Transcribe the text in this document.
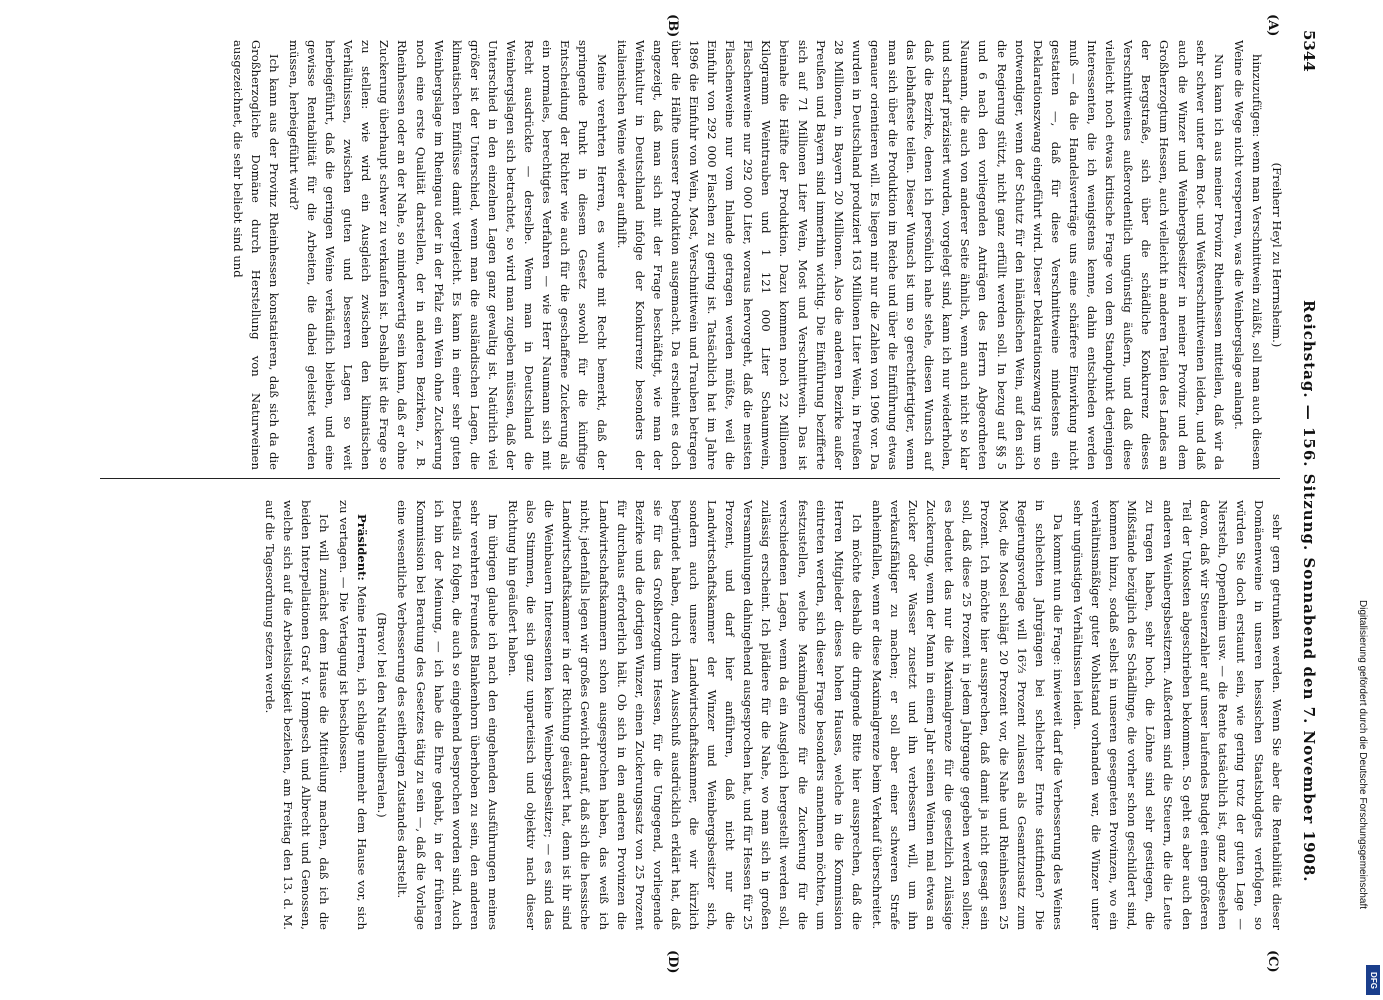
5344
Reichstag. — 156. Sitzung. Sonnabend den 7. November 1908.
(A)
(B)
(C)
(D)

(Freiherr Heyl zu Herrnsheim.)

hinzuzufügen: wenn man Verschnittwein zuläßt, soll man auch diesem Weine die Wege nicht versperren, was die Weinbergslage anlangt.

Nun kann ich aus meiner Provinz Rheinhessen mitteilen, daß wir da sehr schwer unter dem Rot- und Weißverschnittweinen leiden, und daß auch die Winzer und Weinbergsbesitzer in meiner Provinz und dem Großherzogtum Hessen, auch vielleicht in anderen Teilen des Landes an der Bergstraße, sich über die schädliche Konkurrenz dieses Verschnittweines außerordentlich ungünstig äußern, und daß diese vielleicht noch etwas kritische Frage von dem Standpunkt derjenigen Interessenten, die ich wenigstens kenne, dahin entschieden werden muß — da die Handelsverträge uns eine schärfere Einwirkung nicht gestatten —, daß für diese Verschnittweine mindestens ein Deklarationszwang eingeführt wird. Dieser Deklarationszwang ist um so notwendiger, wenn der Schutz für den inländischen Wein, auf den sich die Regierung stützt, nicht ganz erfüllt werden soll. In bezug auf §§ 5 und 6 nach den vorliegenden Anträgen des Herrn Abgeordneten Naumann, die auch von anderer Seite ähnlich, wenn auch nicht so klar und scharf präzisiert wurden, vorgelegt sind, kann ich nur wiederholen, daß die Bezirke, denen ich persönlich nahe stehe, diesen Wunsch auf das lebhafteste teilen. Dieser Wunsch ist um so gerechtfertigter, wenn man sich über die Produktion im Reiche und über die Einführung etwas genauer orientieren will. Es liegen mir nur die Zahlen von 1906 vor. Da wurden in Deutschland produziert 163 Millionen Liter Wein, in Preußen 28 Millionen, in Bayern 20 Millionen. Also die anderen Bezirke außer Preußen und Bayern sind immerhin wichtig. Die Einführung bezifferte sich auf 71 Millionen Liter Wein, Most und Verschnittwein. Das ist beinahe die Hälfte der Produktion. Dazu kommen noch 22 Millionen Kilogramm Weintrauben und 1 121 000 Liter Schaumwein, Flaschenweine nur 292 000 Liter, woraus hervorgeht, daß die meisten Flaschenweine nur vom Inlande getragen werden müßte, weil die Einfuhr von 292 000 Flaschen zu gering ist. Tatsächlich hat im Jahre 1896 die Einfuhr von Wein, Most, Verschnittwein und Trauben betragen über die Hälfte unserer Produktion ausgemacht. Da erscheint es doch angezeigt, daß man sich mit der Frage beschäftigt, wie man der Weinkultur in Deutschland infolge der Konkurrenz besonders der italienischen Weine wieder aufhilft.

Meine verehrten Herren, es wurde mit Recht bemerkt, daß der springende Punkt in diesem Gesetz sowohl für die künftige Entscheidung der Richter wie auch für die geschaffene Zuckerung als ein normales, berechtigtes Verfahren — wie Herr Naumann sich mit Recht ausdrückte — derselbe. Wenn man in Deutschland die Weinbergslagen sich betrachtet, so wird man zugeben müssen, daß der Unterschied in den einzelnen Lagen ganz gewaltig ist. Natürlich viel größer ist der Unterschied, wenn man die ausländischen Lagen, die klimatischen Einflüsse damit vergleicht. Es kann in einer sehr guten Weinbergslage im Rheingau oder in der Pfalz ein Wein ohne Zuckerung noch eine erste Qualität darstellen, der in anderen Bezirken, z. B. Rheinhessen oder an der Nahe, so minderwertig sein kann, daß er ohne Zuckerung überhaupt schwer zu verkaufen ist. Deshalb ist die Frage so zu stellen: wie wird ein Ausgleich zwischen den klimatischen Verhältnissen, zwischen guten und besseren Lagen so weit herbeigeführt, daß die geringen Weine verkäuflich bleiben, und eine gewisse Rentabilität für die Arbeiten, die dabei geleistet werden müssen, herbeigeführt wird?

Ich kann aus der Provinz Rheinhessen konstatieren, daß sich da die Großherzogliche Domäne durch Herstellung von Naturweinen ausgezeichnet, die sehr beliebt sind und

sehr gern getrunken werden. Wenn Sie aber die Rentabilität dieser Domänenweine in unseren hessischen Staatsbudgets verfolgen, so würden Sie doch erstaunt sein, wie gering trotz der guten Lage — Niersteln, Oppenheim usw. — die Rente tatsächlich ist, ganz abgesehen davon, daß wir Steuerzahler auf unser laufendes Budget einen größeren Teil der Unkosten abgeschrieben bekommen. So geht es aber auch den anderen Weinbergsbesitzern. Außerdem sind die Steuern, die die Leute zu tragen haben, sehr hoch, die Löhne sind sehr gestiegen, die Mißstände bezüglich des Schädlinge, die vorher schon geschildert sind, kommen hinzu, sodaß selbst in unseren gesegneten Provinzen, wo ein verhältnismäßiger guter Wohlstand vorhanden war, die Winzer unter sehr ungünstigen Verhältnissen leiden.

Da kommt nun die Frage: inwieweit darf die Verbesserung des Weines in schlechten Jahrgängen bei schlechter Ernte stattfinden? Die Regierungsvorlage will 16⅔ Prozent zulassen als Gesamtzusatz zum Most, die Mosel schlägt 20 Prozent vor, die Nahe und Rheinhessen 25 Prozent. Ich möchte hier aussprechen, daß damit ja nicht gesagt sein soll, daß diese 25 Prozent in jedem Jahrgange gegeben werden sollen; es bedeutet das nur die Maximalgrenze für die gesetzlich zulässige Zuckerung, wenn der Mann in einem Jahr seinen Weinen mal etwas an Zucker oder Wasser zusetzt und ihn verbessern will, um ihn verkaufsfähiger zu machen; er soll aber einer schweren Strafe anheimfallen, wenn er diese Maximalgrenze beim Verkauf überschreitet.

Ich möchte deshalb die dringende Bitte hier aussprechen, daß die Herren Mitglieder dieses hohen Hauses, welche in die Kommission eintreten werden, sich dieser Frage besonders annehmen möchten, um festzustellen, welche Maximalgrenze für die Zuckerung für die verschiedenen Lagen, wenn da ein Ausgleich hergestellt werden soll, zulässig erscheint. Ich plädiere für die Nahe, wo man sich in großen Versammlungen dahingehend ausgesprochen hat, und für Hessen für 25 Prozent, und darf hier anführen, daß nicht nur die Landwirtschaftskammer der Winzer und Weinbergsbesitzer sich, sondern auch unsere Landwirtschaftskammer, die wir kürzlich begründet haben, durch ihren Ausschuß ausdrücklich erklärt hat, daß sie für das Großherzogtum Hessen, für die Umgegend, vorliegende Bezirke und die dortigen Winzer, einen Zuckerungssatz von 25 Prozent für durchaus erforderlich hält. Ob sich in den anderen Provinzen die Landwirtschaftskammern schon ausgesprochen haben, das weiß ich nicht; jedenfalls legen wir großes Gewicht darauf, daß sich die hessische Landwirtschaftskammer in der Richtung geäußert hat, denn ist ihr sind die Weinbauern Interessenten keine Weinbergsbesitzer; — es sind das also Stimmen, die sich ganz unparteiisch und objektiv nach dieser Richtung hin geäußert haben.

Im übrigen glaube ich nach den eingehenden Ausführungen meines sehr verehrten Freundes Blankenhorn überhoben zu sein, den anderen Details zu folgen, die auch so eingehend besprochen worden sind. Auch ich bin der Meinung, — ich habe die Ehre gehabt, in der früheren Kommission bei Beratung des Gesetzes tätig zu sein —, daß die Vorlage eine wesentliche Verbesserung des seitherigen Zustandes darstellt.

(Bravo! bei den Nationalliberalen.)

Präsident: Meine Herren, ich schlage nunmehr dem Hause vor, sich zu vertagen. — Die Vertagung ist beschlossen.

Ich will zunächst dem Hause die Mitteilung machen, daß ich die beiden Interpellationen Graf v. Hompesch und Albrecht und Genossen, welche sich auf die Arbeitslosigkeit beziehen, am Freitag den 13. d. M. auf die Tagesordnung setzen werde.	Digitalisierung gefördert durch die Deutsche Forschungsgemeinschaft
DFG
